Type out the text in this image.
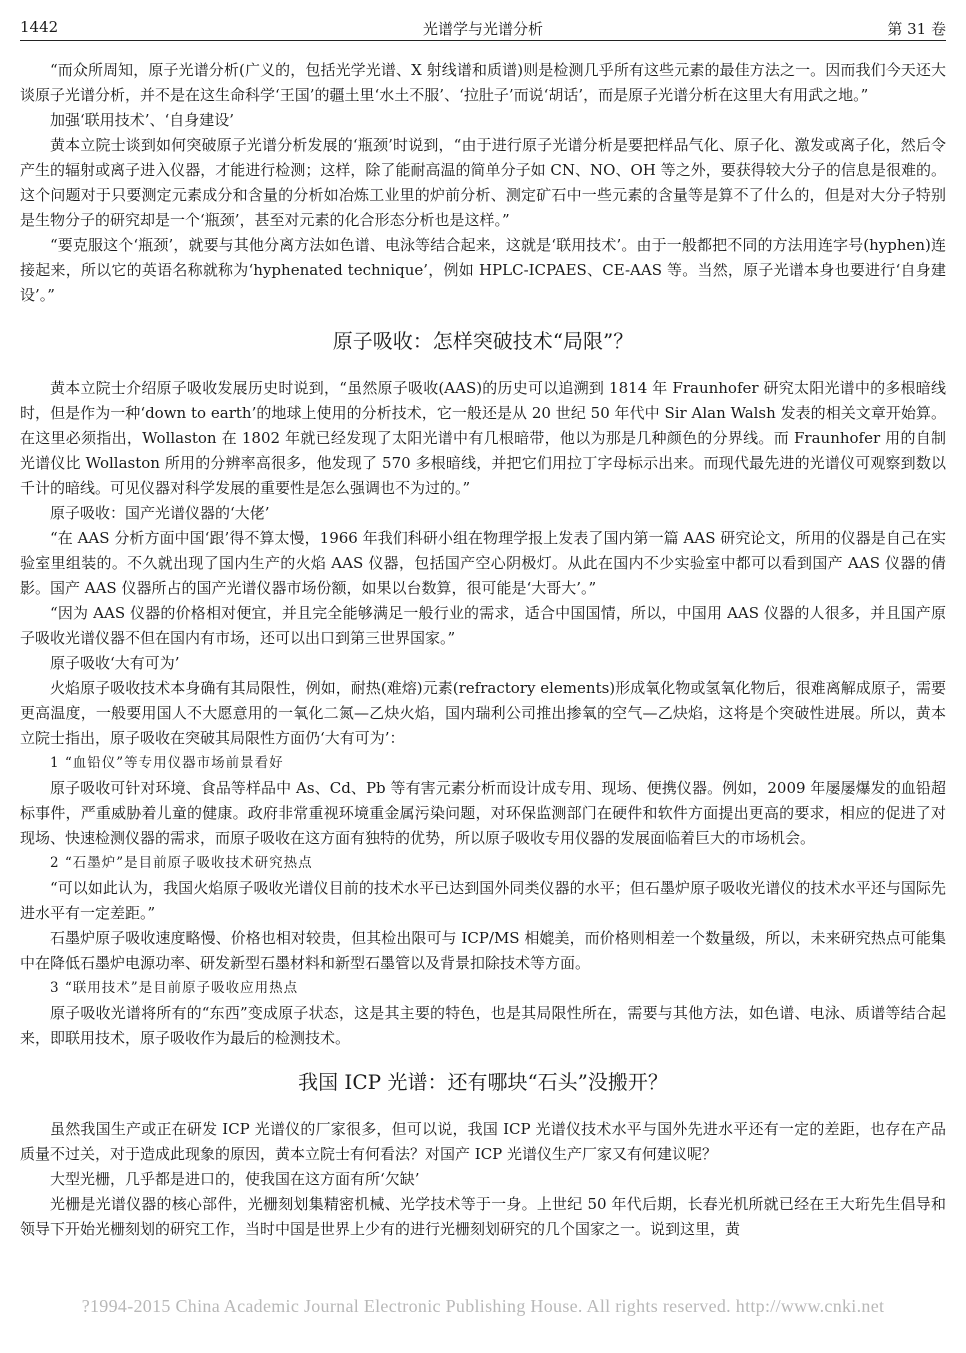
1442	光谱学与光谱分析	第 31 卷

“而众所周知，原子光谱分析(广义的，包括光学光谱、X 射线谱和质谱)则是检测几乎所有这些元素的最佳方法之一。因而我们今天还大谈原子光谱分析，并不是在这生命科学‘王国’的疆土里‘水土不服’、‘拉肚子’而说‘胡话’，而是原子光谱分析在这里大有用武之地。”

加强‘联用技术’、‘自身建设’

黄本立院士谈到如何突破原子光谱分析发展的‘瓶颈’时说到，“由于进行原子光谱分析是要把样品气化、原子化、激发或离子化，然后令产生的辐射或离子进入仪器，才能进行检测；这样，除了能耐高温的简单分子如 CN、NO、OH 等之外，要获得较大分子的信息是很难的。这个问题对于只要测定元素成分和含量的分析如冶炼工业里的炉前分析、测定矿石中一些元素的含量等是算不了什么的，但是对大分子特别是生物分子的研究却是一个‘瓶颈’，甚至对元素的化合形态分析也是这样。”

“要克服这个‘瓶颈’，就要与其他分离方法如色谱、电泳等结合起来，这就是‘联用技术’。由于一般都把不同的方法用连字号(hyphen)连接起来，所以它的英语名称就称为‘hyphenated technique’，例如 HPLC-ICPAES、CE-AAS 等。当然，原子光谱本身也要进行‘自身建设’。”

原子吸收：怎样突破技术“局限”？

黄本立院士介绍原子吸收发展历史时说到，“虽然原子吸收(AAS)的历史可以追溯到 1814 年 Fraunhofer 研究太阳光谱中的多根暗线时，但是作为一种‘down to earth’的地球上使用的分析技术，它一般还是从 20 世纪 50 年代中 Sir Alan Walsh 发表的相关文章开始算。在这里必须指出，Wollaston 在 1802 年就已经发现了太阳光谱中有几根暗带，他以为那是几种颜色的分界线。而 Fraunhofer 用的自制光谱仪比 Wollaston 所用的分辨率高很多，他发现了 570 多根暗线，并把它们用拉丁字母标示出来。而现代最先进的光谱仪可观察到数以千计的暗线。可见仪器对科学发展的重要性是怎么强调也不为过的。”

原子吸收：国产光谱仪器的‘大佬’

“在 AAS 分析方面中国‘跟’得不算太慢，1966 年我们科研小组在物理学报上发表了国内第一篇 AAS 研究论文，所用的仪器是自己在实验室里组装的。不久就出现了国内生产的火焰 AAS 仪器，包括国产空心阴极灯。从此在国内不少实验室中都可以看到国产 AAS 仪器的倩影。国产 AAS 仪器所占的国产光谱仪器市场份额，如果以台数算，很可能是‘大哥大’。”

“因为 AAS 仪器的价格相对便宜，并且完全能够满足一般行业的需求，适合中国国情，所以，中国用 AAS 仪器的人很多，并且国产原子吸收光谱仪器不但在国内有市场，还可以出口到第三世界国家。”

原子吸收‘大有可为’

火焰原子吸收技术本身确有其局限性，例如，耐热(难熔)元素(refractory elements)形成氧化物或氢氧化物后，很难离解成原子，需要更高温度，一般要用国人不大愿意用的一氧化二氮—乙炔火焰，国内瑞利公司推出掺氧的空气—乙炔焰，这将是个突破性进展。所以，黄本立院士指出，原子吸收在突破其局限性方面仍‘大有可为’：

1 “血铅仪”等专用仪器市场前景看好

原子吸收可针对环境、食品等样品中 As、Cd、Pb 等有害元素分析而设计成专用、现场、便携仪器。例如，2009 年屡屡爆发的血铅超标事件，严重威胁着儿童的健康。政府非常重视环境重金属污染问题，对环保监测部门在硬件和软件方面提出更高的要求，相应的促进了对现场、快速检测仪器的需求，而原子吸收在这方面有独特的优势，所以原子吸收专用仪器的发展面临着巨大的市场机会。

2 “石墨炉”是目前原子吸收技术研究热点

“可以如此认为，我国火焰原子吸收光谱仪目前的技术水平已达到国外同类仪器的水平；但石墨炉原子吸收光谱仪的技术水平还与国际先进水平有一定差距。”

石墨炉原子吸收速度略慢、价格也相对较贵，但其检出限可与 ICP/MS 相媲美，而价格则相差一个数量级，所以，未来研究热点可能集中在降低石墨炉电源功率、研发新型石墨材料和新型石墨管以及背景扣除技术等方面。

3 “联用技术”是目前原子吸收应用热点

原子吸收光谱将所有的“东西”变成原子状态，这是其主要的特色，也是其局限性所在，需要与其他方法，如色谱、电泳、质谱等结合起来，即联用技术，原子吸收作为最后的检测技术。

我国 ICP 光谱：还有哪块“石头”没搬开？

虽然我国生产或正在研发 ICP 光谱仪的厂家很多，但可以说，我国 ICP 光谱仪技术水平与国外先进水平还有一定的差距，也存在产品质量不过关，对于造成此现象的原因，黄本立院士有何看法？对国产 ICP 光谱仪生产厂家又有何建议呢？

大型光栅，几乎都是进口的，使我国在这方面有所‘欠缺’

光栅是光谱仪器的核心部件，光栅刻划集精密机械、光学技术等于一身。上世纪 50 年代后期，长春光机所就已经在王大珩先生倡导和领导下开始光栅刻划的研究工作，当时中国是世界上少有的进行光栅刻划研究的几个国家之一。说到这里，黄

?1994-2015 China Academic Journal Electronic Publishing House. All rights reserved. http://www.cnki.net
